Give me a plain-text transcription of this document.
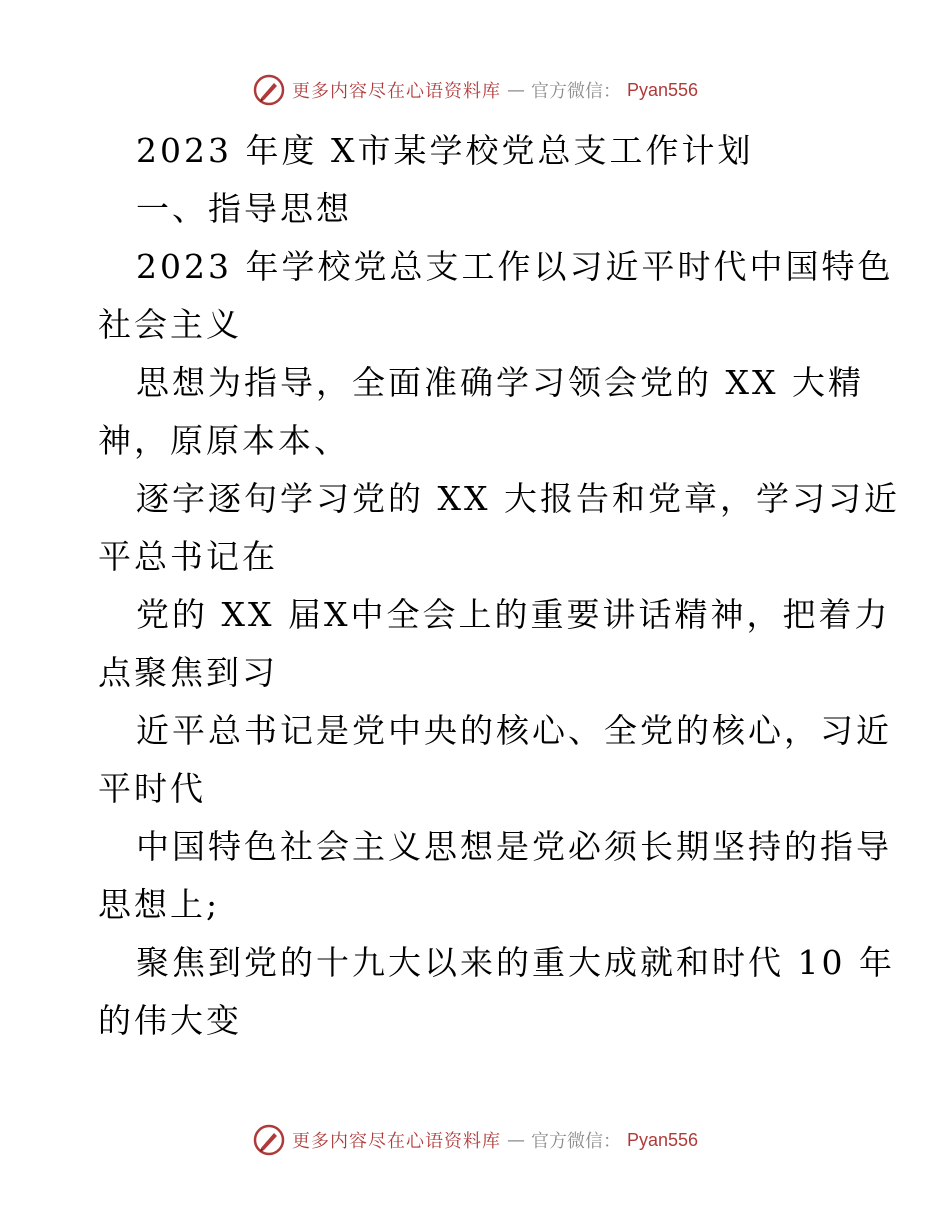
更多内容尽在心语资料库 — 官方微信： Pyan556
2023 年度 X市某学校党总支工作计划
一、指导思想
2023 年学校党总支工作以习近平时代中国特色
社会主义
思想为指导，全面准确学习领会党的 XX 大精
神，原原本本、
逐字逐句学习党的 XX 大报告和党章，学习习近
平总书记在
党的 XX 届X中全会上的重要讲话精神，把着力
点聚焦到习
近平总书记是党中央的核心、全党的核心，习近
平时代
中国特色社会主义思想是党必须长期坚持的指导
思想上;
聚焦到党的十九大以来的重大成就和时代 10 年
的伟大变
更多内容尽在心语资料库 — 官方微信： Pyan556
